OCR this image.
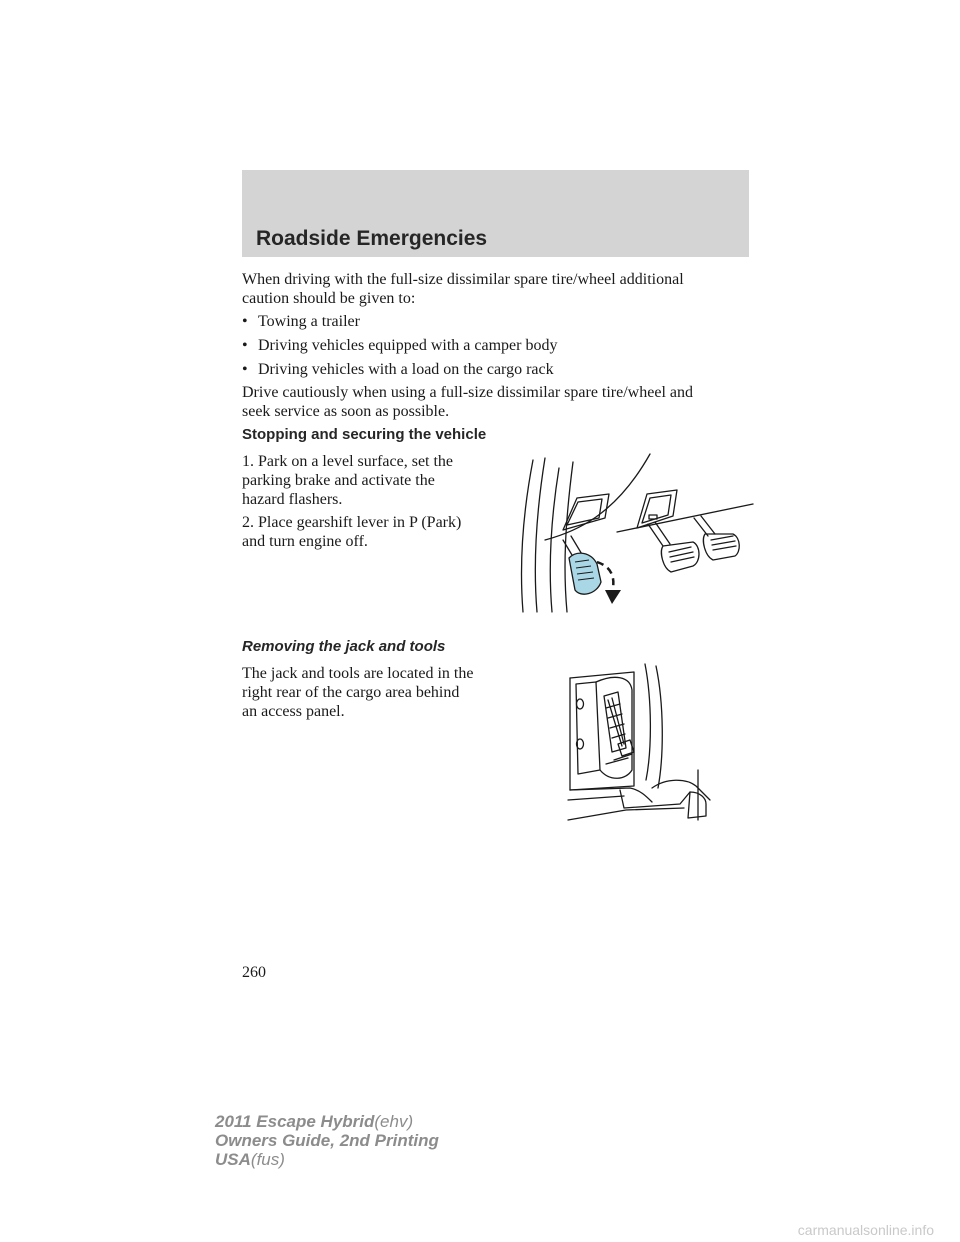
Roadside Emergencies

When driving with the full-size dissimilar spare tire/wheel additional

caution should be given to:

• Towing a trailer

• Driving vehicles equipped with a camper body

• Driving vehicles with a load on the cargo rack

Drive cautiously when using a full-size dissimilar spare tire/wheel and

seek service as soon as possible.

Stopping and securing the vehicle

1. Park on a level surface, set the

parking brake and activate the

hazard flashers.

2. Place gearshift lever in P (Park)

and turn engine off.

Removing the jack and tools

The jack and tools are located in the

right rear of the cargo area behind

an access panel.

260

2011 Escape Hybrid(ehv)

Owners Guide, 2nd Printing

USA(fus)

carmanualsonline.info
